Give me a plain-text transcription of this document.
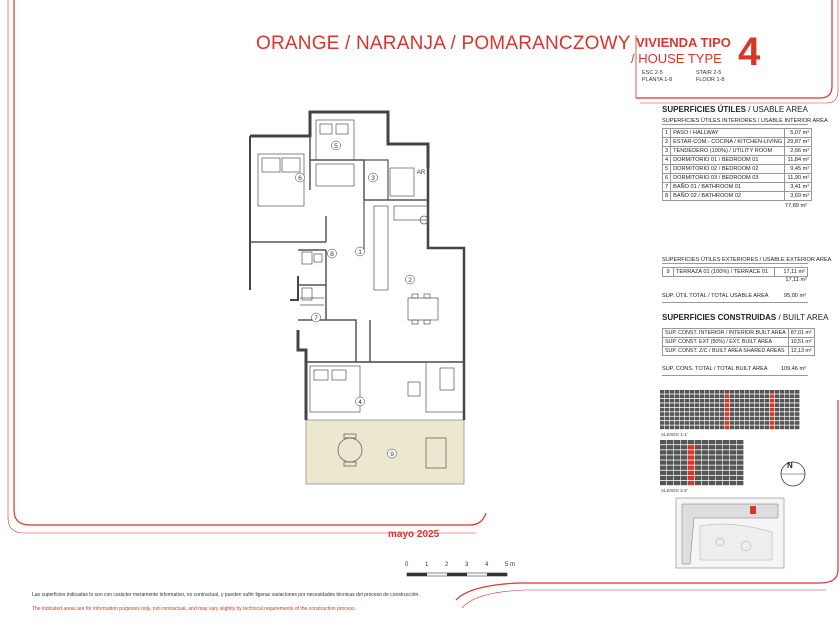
ORANGE / NARANJA / POMARANCZOWY VIVIENDA TIPO
/ HOUSE TYPE 4
ESC 2-5
PLANTA 1-8
STAIR 2-5
FLOOR 1-8
SUPERFICIES ÚTILES / USABLE AREA
SUPERFICIES ÚTILES INTERIORES / USABLE INTERIOR AREA
1	PASO / HALLWAY	5,07 m²
2	ESTAR-COM.- COCINA / KITCHEN-LIVING	29,87 m²
3	TENDEDERO (100%) / UTILITY ROOM	2,66 m²
4	DORMITORIO 01 / BEDROOM 01	11,84 m²
5	DORMITORIO 02 / BEDROOM 02	9,45 m²
6	DORMITORIO 03 / BEDROOM 03	11,90 m²
7	BAÑO 01 / BATHROOM 01	3,41 m²
8	BAÑO 02 / BATHROOM 02	3,69 m²
77,89 m²
SUPERFICIES ÚTILES EXTERIORES / USABLE EXTERIOR AREA
9	TERRAZA 01 (100%) / TERRACE 01	17,11 m²
17,11 m²
SUP. ÚTIL TOTAL / TOTAL USABLE AREA	95,00 m²
SUPERFICIES CONSTRUIDAS / BUILT AREA
SUP. CONST. INTERIOR / INTERIOR BUILT AREA	87,01 m²
SUP. CONST. EXT (50%) / EXT. BUILT AREA	10,51 m²
SUP. CONST. Z/C / BUILT AREA SHARED AREAS	12,13 m²
SUP. CONS. TOTAL / TOTAL BUILT AREA 109,46 m²
ALZADO 1-1'
ALZADO 2-2'
N
1
2
3
4
5
6
7
8
9
AR
0	1	2	3	4	5 m
mayo 2025
Las superficies indicadas lo son con carácter meramente informativo, no contractual, y pueden sufrir ligeras variaciones por necesidades técnicas del proceso de construcción.
The indicated areas are for information purposes only, not contractual, and may vary slightly by technical requirements of the construction process.
